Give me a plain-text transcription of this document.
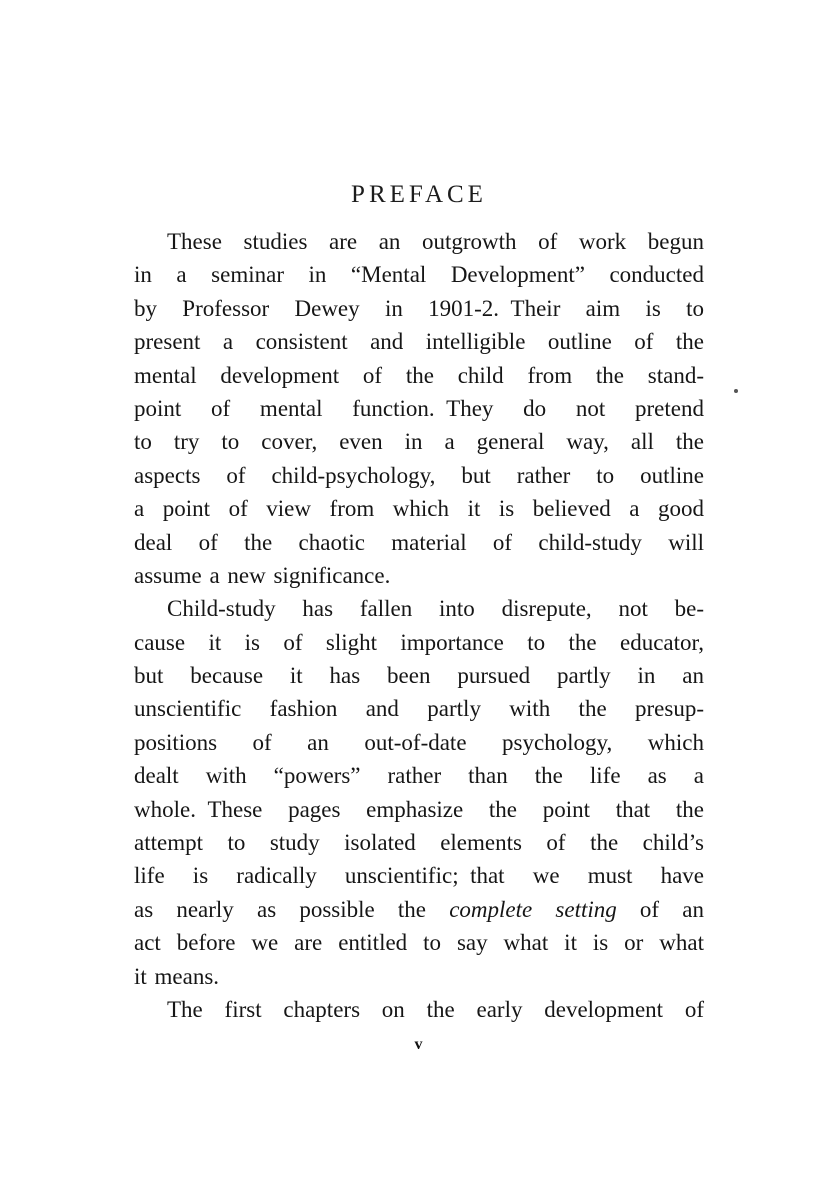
PREFACE
These studies are an outgrowth of work begun
in a seminar in “Mental Development” conducted
by Professor Dewey in 1901-2. Their aim is to
present a consistent and intelligible outline of the
mental development of the child from the stand-
point of mental function. They do not pretend
to try to cover, even in a general way, all the
aspects of child-psychology, but rather to outline
a point of view from which it is believed a good
deal of the chaotic material of child-study will
assume a new significance.
Child-study has fallen into disrepute, not be-
cause it is of slight importance to the educator,
but because it has been pursued partly in an
unscientific fashion and partly with the presup-
positions of an out-of-date psychology, which
dealt with “powers” rather than the life as a
whole. These pages emphasize the point that the
attempt to study isolated elements of the child’s
life is radically unscientific; that we must have
as nearly as possible the complete setting of an
act before we are entitled to say what it is or what
it means.
The first chapters on the early development of
v
